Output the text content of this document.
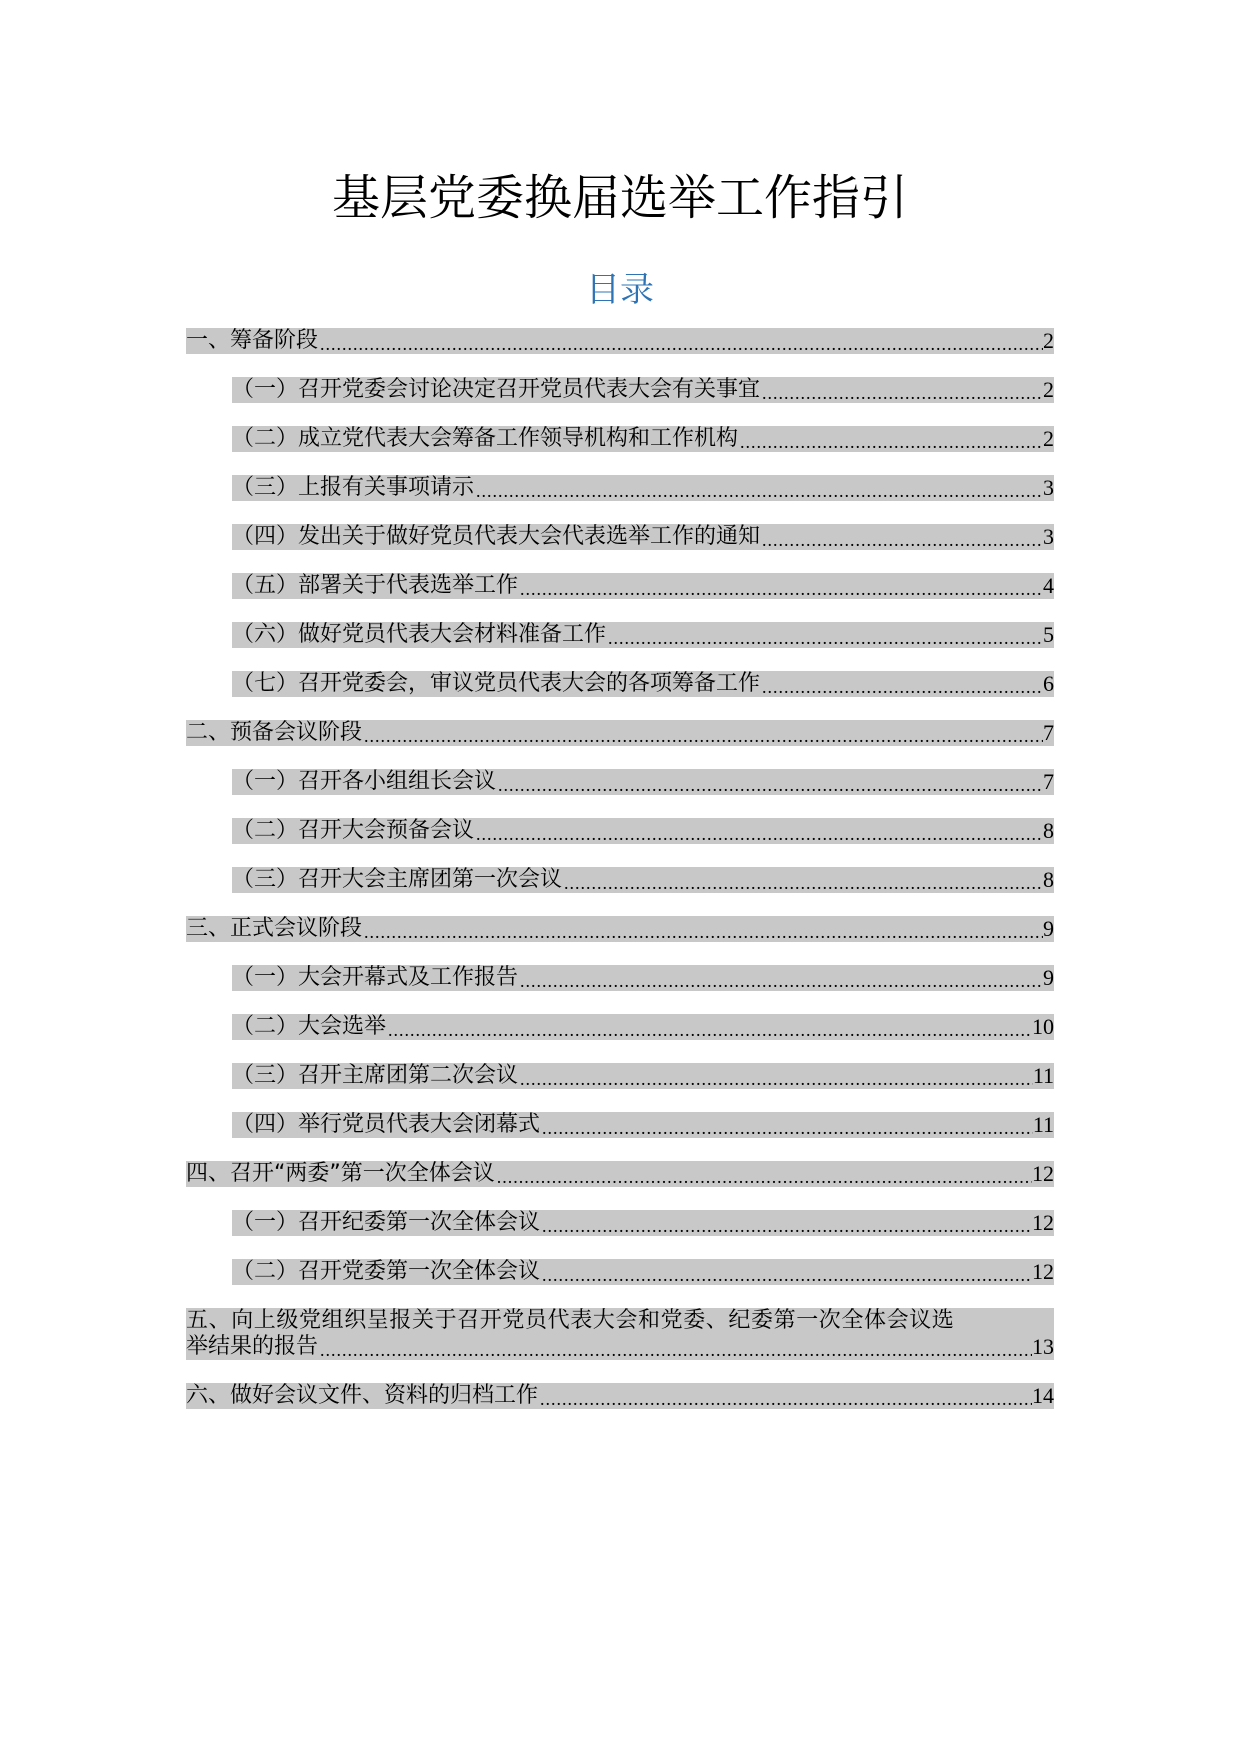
基层党委换届选举工作指引
目录
一、筹备阶段 .....	2
（一）召开党委会讨论决定召开党员代表大会有关事宜 .....	2
（二）成立党代表大会筹备工作领导机构和工作机构 .....	2
（三）上报有关事项请示 .....	3
（四）发出关于做好党员代表大会代表选举工作的通知 .....	3
（五）部署关于代表选举工作 .....	4
（六）做好党员代表大会材料准备工作 .....	5
（七）召开党委会，审议党员代表大会的各项筹备工作 .....	6
二、预备会议阶段 .....	7
（一）召开各小组组长会议 .....	7
（二）召开大会预备会议 .....	8
（三）召开大会主席团第一次会议 .....	8
三、正式会议阶段 .....	9
（一）大会开幕式及工作报告 .....	9
（二）大会选举 .....	10
（三）召开主席团第二次会议 .....	11
（四）举行党员代表大会闭幕式 .....	11
四、召开“两委”第一次全体会议 .....	12
（一）召开纪委第一次全体会议 .....	12
（二）召开党委第一次全体会议 .....	12
五、向上级党组织呈报关于召开党员代表大会和党委、纪委第一次全体会议选
举结果的报告 .....	13
六、做好会议文件、资料的归档工作 .....	14
